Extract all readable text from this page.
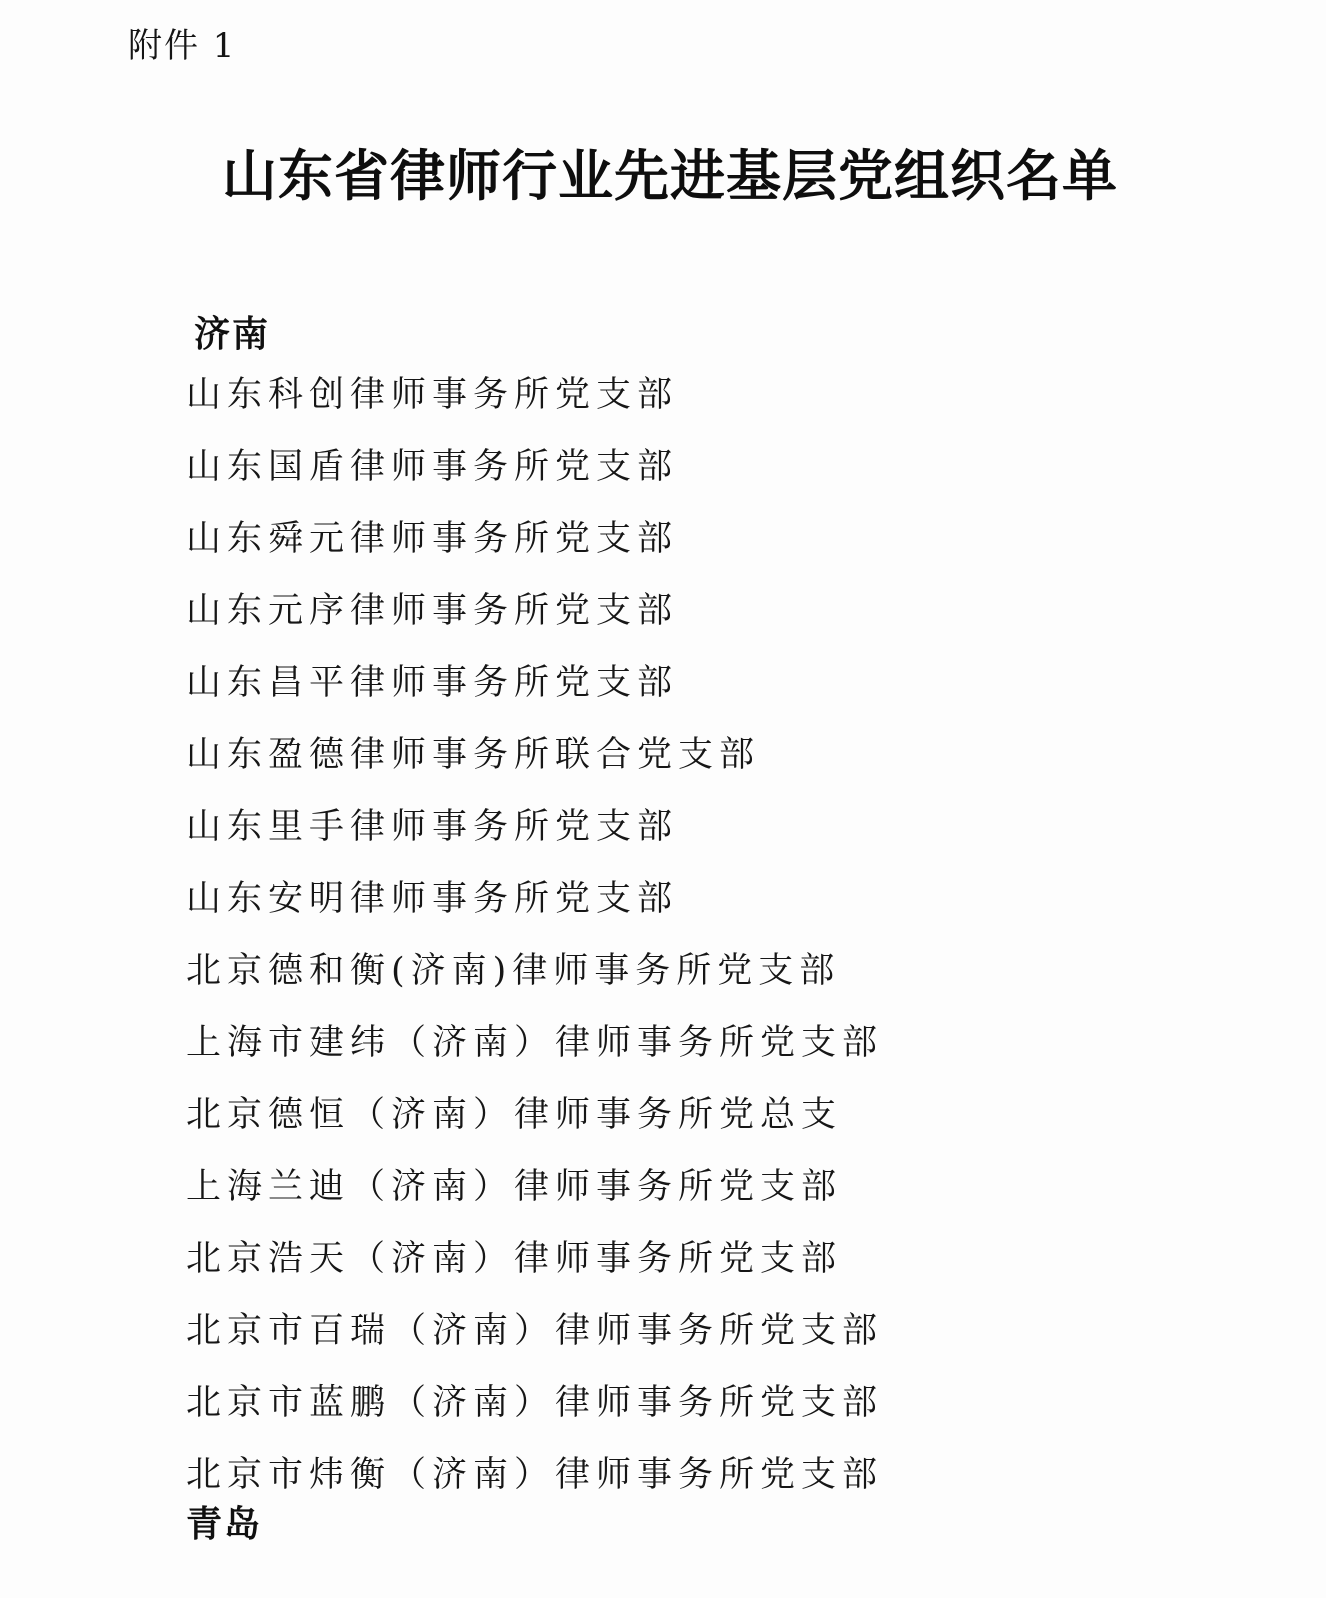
附件 1
山东省律师行业先进基层党组织名单
济南
山东科创律师事务所党支部
山东国盾律师事务所党支部
山东舜元律师事务所党支部
山东元序律师事务所党支部
山东昌平律师事务所党支部
山东盈德律师事务所联合党支部
山东里手律师事务所党支部
山东安明律师事务所党支部
北京德和衡(济南)律师事务所党支部
上海市建纬（济南）律师事务所党支部
北京德恒（济南）律师事务所党总支
上海兰迪（济南）律师事务所党支部
北京浩天（济南）律师事务所党支部
北京市百瑞（济南）律师事务所党支部
北京市蓝鹏（济南）律师事务所党支部
北京市炜衡（济南）律师事务所党支部
青岛
